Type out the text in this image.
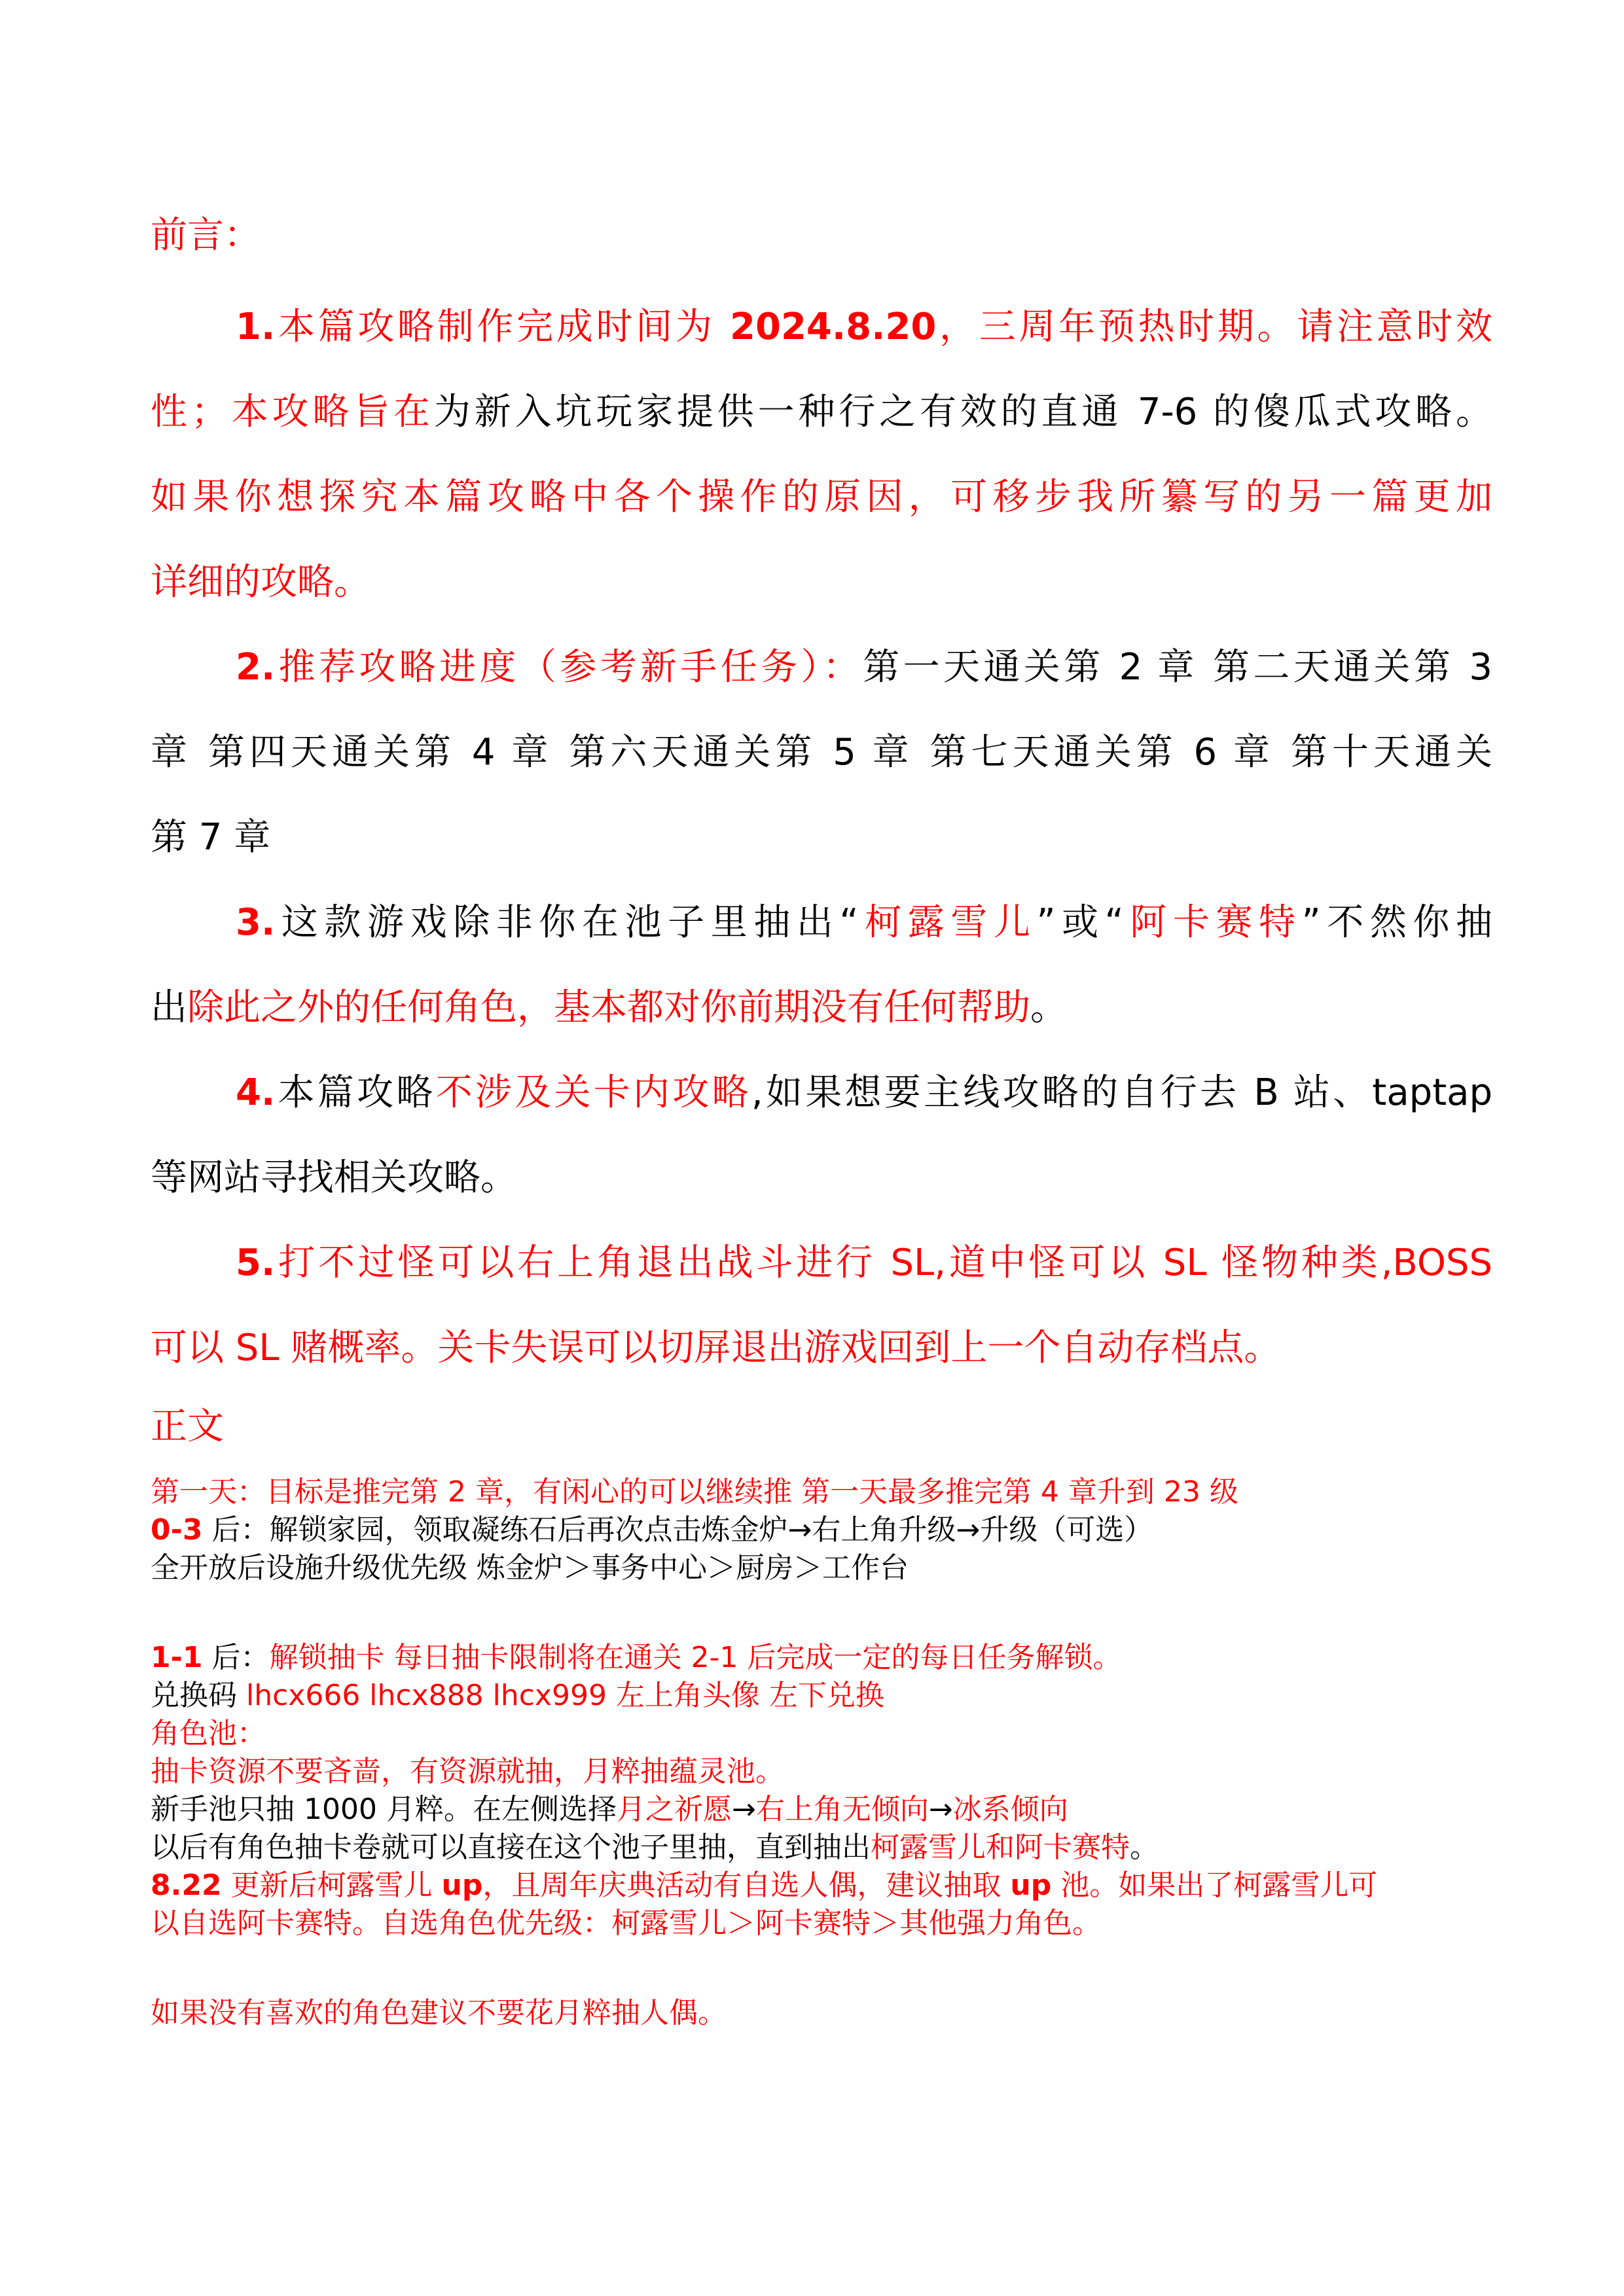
前言：
1.本篇攻略制作完成时间为 2024.8.20，三周年预热时期。请注意时效
性；本攻略旨在为新入坑玩家提供一种行之有效的直通 7-6 的傻瓜式攻略。
如果你想探究本篇攻略中各个操作的原因，可移步我所纂写的另一篇更加
详细的攻略。
2.推荐攻略进度（参考新手任务）：第一天通关第 2 章 第二天通关第 3
章 第四天通关第 4 章 第六天通关第 5 章 第七天通关第 6 章 第十天通关
第 7 章
3.这款游戏除非你在池子里抽出“柯露雪儿”或“阿卡赛特”不然你抽
出除此之外的任何角色，基本都对你前期没有任何帮助。
4.本篇攻略不涉及关卡内攻略,如果想要主线攻略的自行去 B 站、taptap
等网站寻找相关攻略。
5.打不过怪可以右上角退出战斗进行 SL,道中怪可以 SL 怪物种类,BOSS
可以 SL 赌概率。关卡失误可以切屏退出游戏回到上一个自动存档点。
正文
第一天：目标是推完第 2 章，有闲心的可以继续推 第一天最多推完第 4 章升到 23 级
0-3 后：解锁家园，领取凝练石后再次点击炼金炉→右上角升级→升级（可选）
全开放后设施升级优先级 炼金炉＞事务中心＞厨房＞工作台
1-1 后：解锁抽卡 每日抽卡限制将在通关 2-1 后完成一定的每日任务解锁。
兑换码 lhcx666 lhcx888 lhcx999 左上角头像 左下兑换
角色池：
抽卡资源不要吝啬，有资源就抽，月粹抽蕴灵池。
新手池只抽 1000 月粹。在左侧选择月之祈愿→右上角无倾向→冰系倾向
以后有角色抽卡卷就可以直接在这个池子里抽，直到抽出柯露雪儿和阿卡赛特。
8.22 更新后柯露雪儿 up，且周年庆典活动有自选人偶，建议抽取 up 池。如果出了柯露雪儿可
以自选阿卡赛特。自选角色优先级：柯露雪儿＞阿卡赛特＞其他强力角色。
如果没有喜欢的角色建议不要花月粹抽人偶。
